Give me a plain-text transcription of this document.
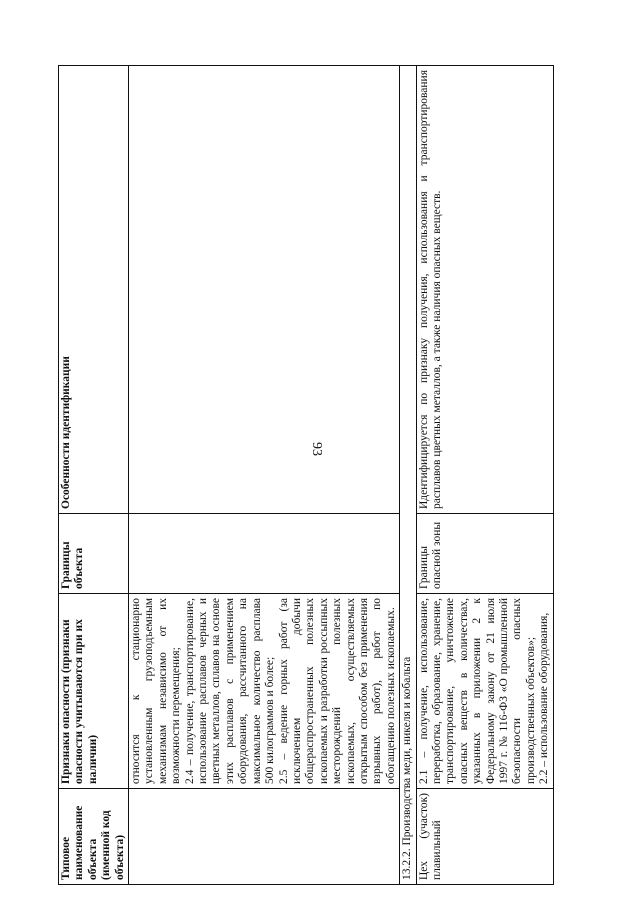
93
Типовое наименование объекта (именной код объекта)	Признаки опасности (признаки опасности учитываются при их наличии)	Границы объекта	Особенности идентификации

	относится к стационарно установленным грузоподъемным механизмам независимо от их возможности перемещения; 2.4 – получение, транспортирование, использование расплавов черных и цветных металлов, сплавов на основе этих расплавов с применением оборудования, рассчитанного на максимальное количество расплава 500 килограммов и более; 2.5 – ведение горных работ (за исключением добычи общераспространенных полезных ископаемых и разработки россыпных месторождений полезных ископаемых, осуществляемых открытым способом без применения взрывных работ), работ по обогащению полезных ископаемых.		

13.2.2. Производства меди, никеля и кобальта			
Цех (участок) плавильный	2.1 – получение, использование, переработка, образование, хранение, транспортирование, уничтожение опасных веществ в количествах, указанных в приложении 2 к Федеральному закону от 21 июля 1997 г. № 116-ФЗ «О промышленной безопасности опасных производственных объектов»; 2.2 – использование оборудования,	Границы опасной зоны	Идентифицируется по признаку получения, использования и транспортирования расплавов цветных металлов, а также наличия опасных веществ.
